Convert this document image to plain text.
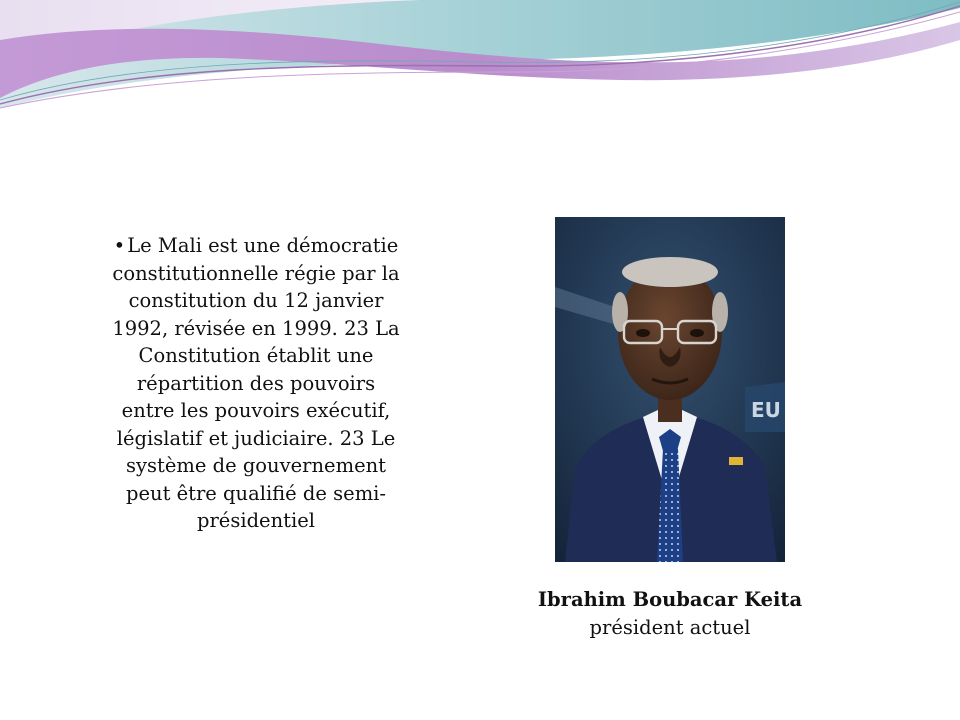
• Le Mali est une démocratie constitutionnelle régie par la constitution du 12 janvier 1992, révisée en 1999. 23 La Constitution établit une répartition des pouvoirs entre les pouvoirs exécutif, législatif et judiciaire. 23 Le système de gouvernement peut être qualifié de semi-présidentiel
EU
Ibrahim Boubacar Keita
président actuel
